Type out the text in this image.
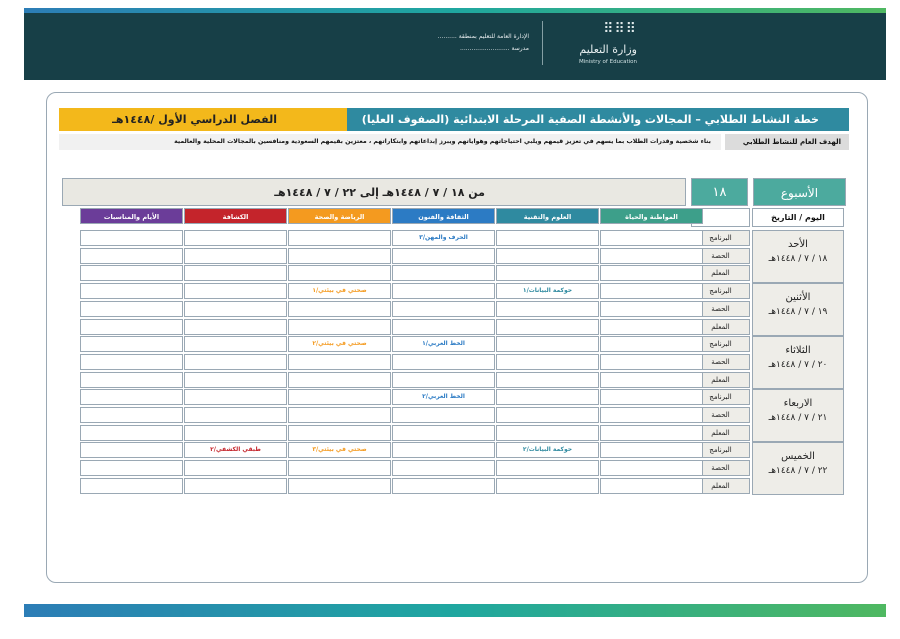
⠿⠿⠿
وزارة التعليم
Ministry of Education
الإدارة العامة للتعليم بمنطقة ..........
مدرسة ..........................
خطة النشاط الطلابي – المجالات والأنشطة الصفية المرحلة الابتدائية (الصفوف العليا)
الفصل الدراسي الأول /١٤٤٨هـ
الهدف العام للنشاط الطلابي
بناء شخصية وقدرات الطلاب بما يسهم في تعزيز قيمهم ويلبي احتياجاتهم وهواياتهم ويبرز إبداعاتهم وابتكاراتهم ، معتزين بقيمهم السعودية ومنافسين بالمجالات المحلية والعالمية
الأسبوع
١٨
من ١٨ / ٧ / ١٤٤٨هـ إلى ٢٢ / ٧ / ١٤٤٨هـ
اليوم / التاريخ
المواطنة والحياة
العلوم والتقنية
الثقافة والفنون
الرياضة والصحة
الكشافة
الأيام والمناسبات
الأحد
١٨ / ٧ / ١٤٤٨هـ
البرنامج
الحرف والمهن/٣
الحصة
المعلم
الأثنين
١٩ / ٧ / ١٤٤٨هـ
البرنامج
حوكمة البيانات/١
صحتي في بيئتي/١
الحصة
المعلم
الثلاثاء
٢٠ / ٧ / ١٤٤٨هـ
البرنامج
الخط العربي/١
صحتي في بيئتي/٢
الحصة
المعلم
الاربعاء
٢١ / ٧ / ١٤٤٨هـ
البرنامج
الخط العربي/٢
الحصة
المعلم
الخميس
٢٢ / ٧ / ١٤٤٨هـ
البرنامج
حوكمة البيانات/٢
صحتي في بيئتي/٣
طبقي الكشفي/٢
الحصة
المعلم
